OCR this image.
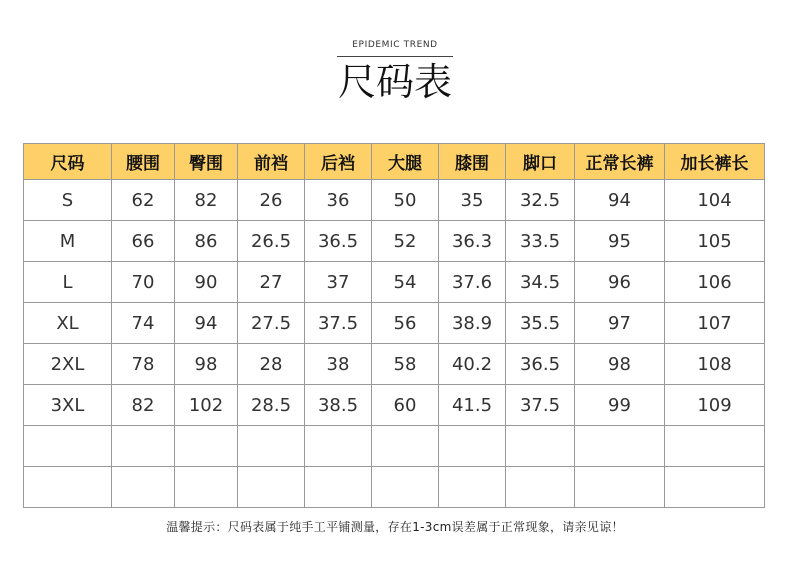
EPIDEMIC TREND
尺码表
尺码	腰围	臀围	前裆	后裆	大腿	膝围	脚口	正常长裤	加长裤长
S	62	82	26	36	50	35	32.5	94	104
M	66	86	26.5	36.5	52	36.3	33.5	95	105
L	70	90	27	37	54	37.6	34.5	96	106
XL	74	94	27.5	37.5	56	38.9	35.5	97	107
2XL	78	98	28	38	58	40.2	36.5	98	108
3XL	82	102	28.5	38.5	60	41.5	37.5	99	109

温馨提示：尺码表属于纯手工平铺测量，存在1-3cm误差属于正常现象，请亲见谅！
